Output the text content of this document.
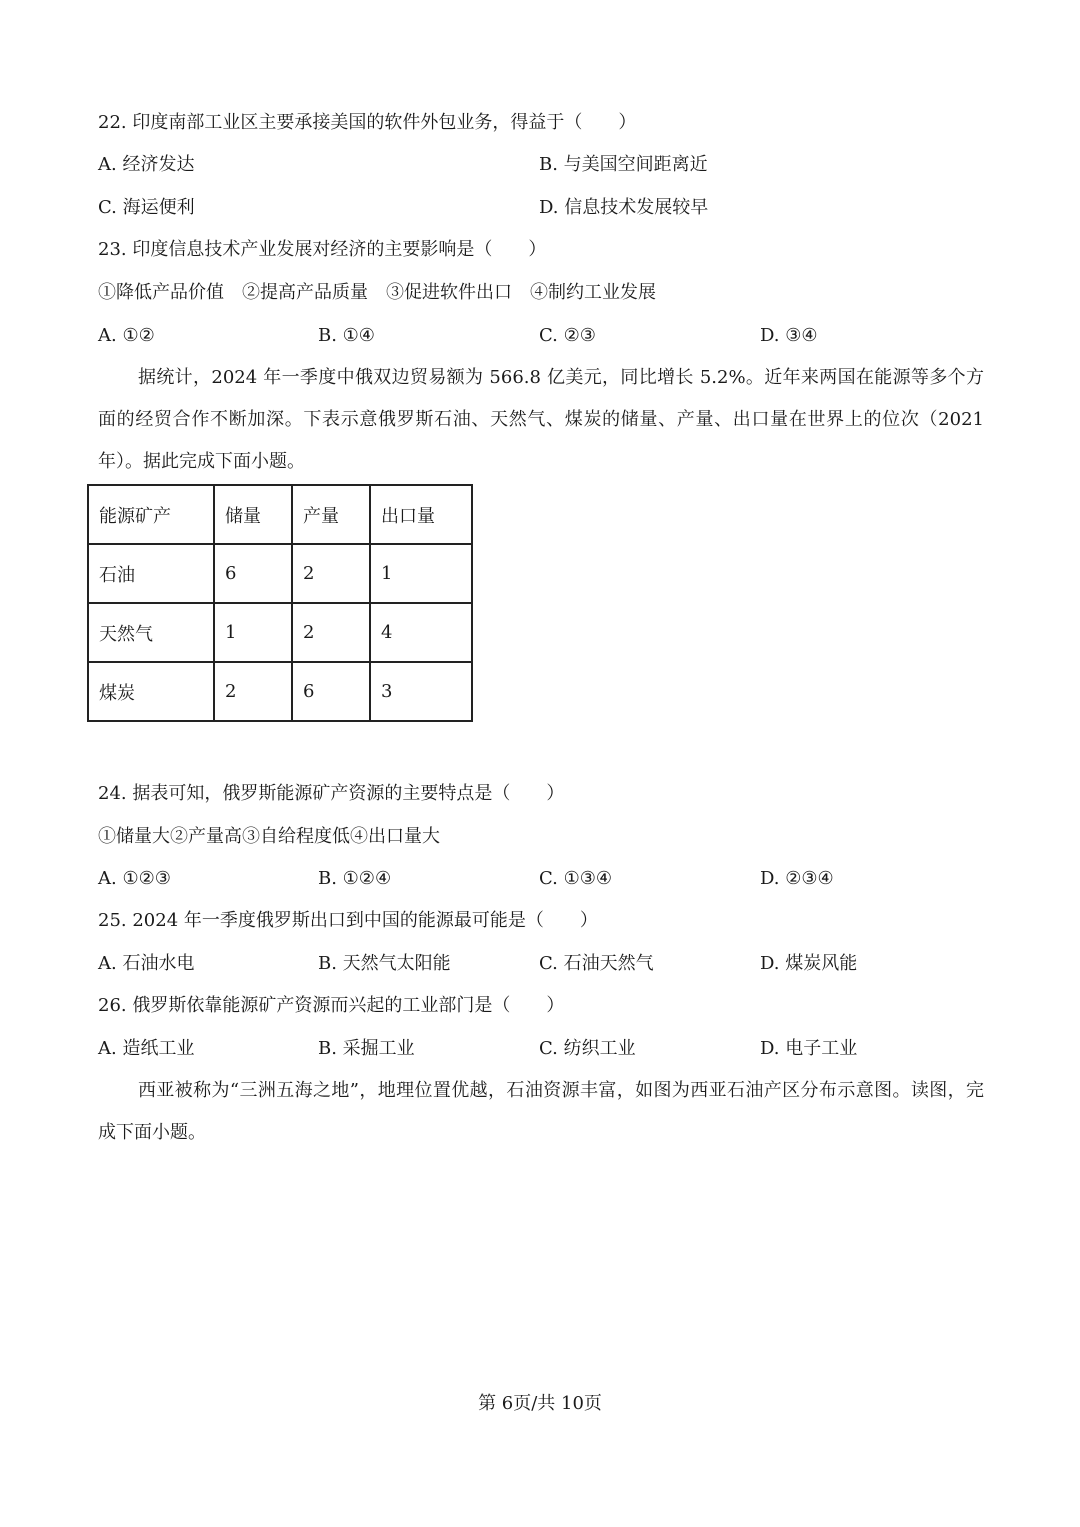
22. 印度南部工业区主要承接美国的软件外包业务，得益于（　　）
A. 经济发达	B. 与美国空间距离近
C. 海运便利	D. 信息技术发展较早
23. 印度信息技术产业发展对经济的主要影响是（　　）
①降低产品价值　②提高产品质量　③促进软件出口　④制约工业发展
A. ①②	B. ①④	C. ②③	D. ③④

据统计，2024 年一季度中俄双边贸易额为 566.8 亿美元，同比增长 5.2%。近年来两国在能源等多个方面的经贸合作不断加深。下表示意俄罗斯石油、天然气、煤炭的储量、产量、出口量在世界上的位次（2021 年）。据此完成下面小题。

能源矿产	储量	产量	出口量
石油	6	2	1
天然气	1	2	4
煤炭	2	6	3
24. 据表可知，俄罗斯能源矿产资源的主要特点是（　　）
①储量大②产量高③自给程度低④出口量大
A. ①②③	B. ①②④	C. ①③④	D. ②③④
25. 2024 年一季度俄罗斯出口到中国的能源最可能是（　　）
A. 石油水电	B. 天然气太阳能	C. 石油天然气	D. 煤炭风能
26. 俄罗斯依靠能源矿产资源而兴起的工业部门是（　　）
A. 造纸工业	B. 采掘工业	C. 纺织工业	D. 电子工业

西亚被称为“三洲五海之地”，地理位置优越，石油资源丰富，如图为西亚石油产区分布示意图。读图，完成下面小题。

第 6页/共 10页
